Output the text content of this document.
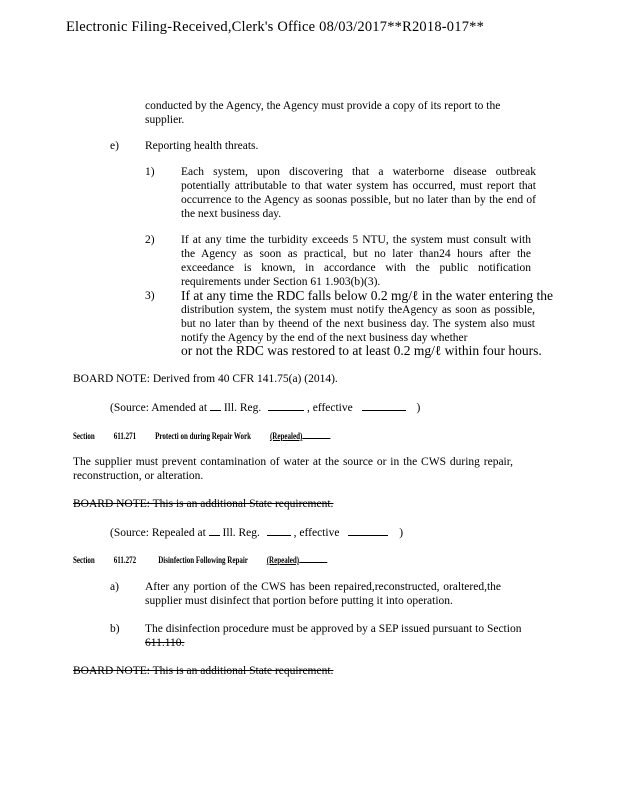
Electronic Filing-Received,Clerk's Office 08/03/2017**R2018-017**
conducted by the Agency, the Agency must provide a copy of its report to the
supplier.
e) Reporting health threats.
1) Each system, upon discovering that a waterborne disease outbreak potentially attributable to that water system has occurred, must report that occurrence to the Agency as soonas possible, but no later than by the end of the next business day.
2) If at any time the turbidity exceeds 5 NTU, the system must consult with the Agency as soon as practical, but no later than24 hours after the exceedance is known, in accordance with the public notification requirements under Section 61 1.903(b)(3).
3) If at any time the RDC falls below 0.2 mg/ℓ in the water entering the
distribution system, the system must notify theAgency as soon as possible, but no later than by theend of the next business day. The system also must notify the Agency by the end of the next business day whether
or not the RDC was restored to at least 0.2 mg/ℓ within four hours.
BOARD NOTE: Derived from 40 CFR 141.75(a) (2014).
(Source: Amended at Ill. Reg.	, effective	)
Section 611.271 Protecti on during Repair Work (Repealed)
The supplier must prevent contamination of water at the source or in the CWS during repair, reconstruction, or alteration.
BOARD NOTE: This is an additional State requirement.
(Source: Repealed at Ill. Reg.	, effective	)
Section 611.272 Disinfection Following Repair (Repealed)
a) After any portion of the CWS has been repaired,reconstructed, oraltered,the supplier must disinfect that portion before putting it into operation.
b) The disinfection procedure must be approved by a SEP issued pursuant to Section
611.110.
BOARD NOTE: This is an additional State requirement.
